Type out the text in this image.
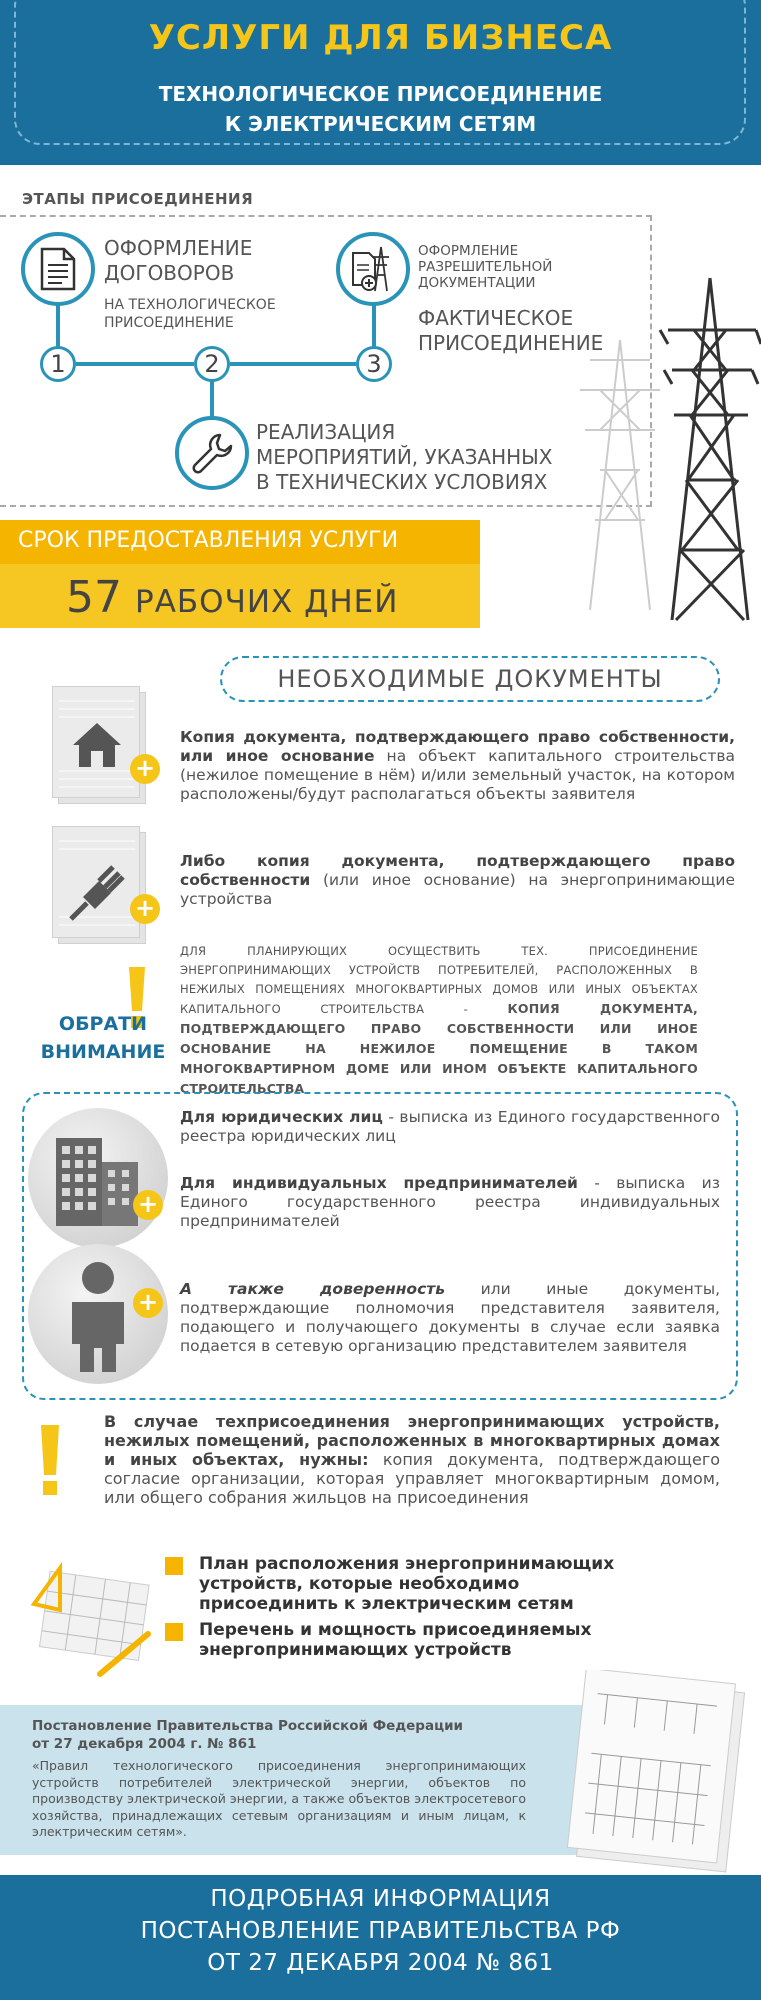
УСЛУГИ ДЛЯ БИЗНЕСА
ТЕХНОЛОГИЧЕСКОЕ ПРИСОЕДИНЕНИЕ
К ЭЛЕКТРИЧЕСКИМ СЕТЯМ
ЭТАПЫ ПРИСОЕДИНЕНИЯ
1
ОФОРМЛЕНИЕ
ДОГОВОРОВ
НА ТЕХНОЛОГИЧЕСКОЕ
ПРИСОЕДИНЕНИЕ
2
РЕАЛИЗАЦИЯ
МЕРОПРИЯТИЙ, УКАЗАННЫХ
В ТЕХНИЧЕСКИХ УСЛОВИЯХ
3
ОФОРМЛЕНИЕ
РАЗРЕШИТЕЛЬНОЙ
ДОКУМЕНТАЦИИ
ФАКТИЧЕСКОЕ
ПРИСОЕДИНЕНИЕ
СРОК ПРЕДОСТАВЛЕНИЯ УСЛУГИ
57 РАБОЧИХ ДНЕЙ
НЕОБХОДИМЫЕ ДОКУМЕНТЫ
+
Копия документа, подтверждающего право собственности, или иное основание на объект капитального строительства (нежилое помещение в нём) и/или земельный участок, на котором расположены/будут располагаться объекты заявителя
+
Либо копия документа, подтверждающего право собственности (или иное основание) на энергопринимающие устройства
ОБРАТИ
ВНИМАНИЕ
ДЛЯ ПЛАНИРУЮЩИХ ОСУЩЕСТВИТЬ ТЕХ. ПРИСОЕДИНЕНИЕ ЭНЕРГОПРИНИМАЮЩИХ УСТРОЙСТВ ПОТРЕБИТЕЛЕЙ, РАСПОЛОЖЕННЫХ В НЕЖИЛЫХ ПОМЕЩЕНИЯХ МНОГОКВАРТИРНЫХ ДОМОВ ИЛИ ИНЫХ ОБЪЕКТАХ КАПИТАЛЬНОГО СТРОИТЕЛЬСТВА - КОПИЯ ДОКУМЕНТА, ПОДТВЕРЖДАЮЩЕГО ПРАВО СОБСТВЕННОСТИ ИЛИ ИНОЕ ОСНОВАНИЕ НА НЕЖИЛОЕ ПОМЕЩЕНИЕ В ТАКОМ МНОГОКВАРТИРНОМ ДОМЕ ИЛИ ИНОМ ОБЪЕКТЕ КАПИТАЛЬНОГО СТРОИТЕЛЬСТВА
+
Для юридических лиц - выписка из Единого государственного реестра юридических лиц
Для индивидуальных предпринимателей - выписка из Единого государственного реестра индивидуальных предпринимателей
+	А также доверенность или иные документы, подтверждающие полномочия представителя заявителя, подающего и получающего документы в случае если заявка подается в сетевую организацию представителем заявителя
В случае техприсоединения энергопринимающих устройств, нежилых помещений, расположенных в многоквартирных домах и иных объектах, нужны: копия документа, подтверждающего согласие организации, которая управляет многоквартирным домом, или общего собрания жильцов на присоединения
План расположения энергопринимающих устройств, которые необходимо присоединить к электрическим сетям
Перечень и мощность присоединяемых энергопринимающих устройств
Постановление Правительства Российской Федерации
от 27 декабря 2004 г. № 861
«Правил технологического присоединения энергопринимающих устройств потребителей электрической энергии, объектов по производству электрической энергии, а также объектов электросетевого хозяйства, принадлежащих сетевым организациям и иным лицам, к электрическим сетям».
ПОДРОБНАЯ ИНФОРМАЦИЯ
ПОСТАНОВЛЕНИЕ ПРАВИТЕЛЬСТВА РФ
ОТ 27 ДЕКАБРЯ 2004 № 861
